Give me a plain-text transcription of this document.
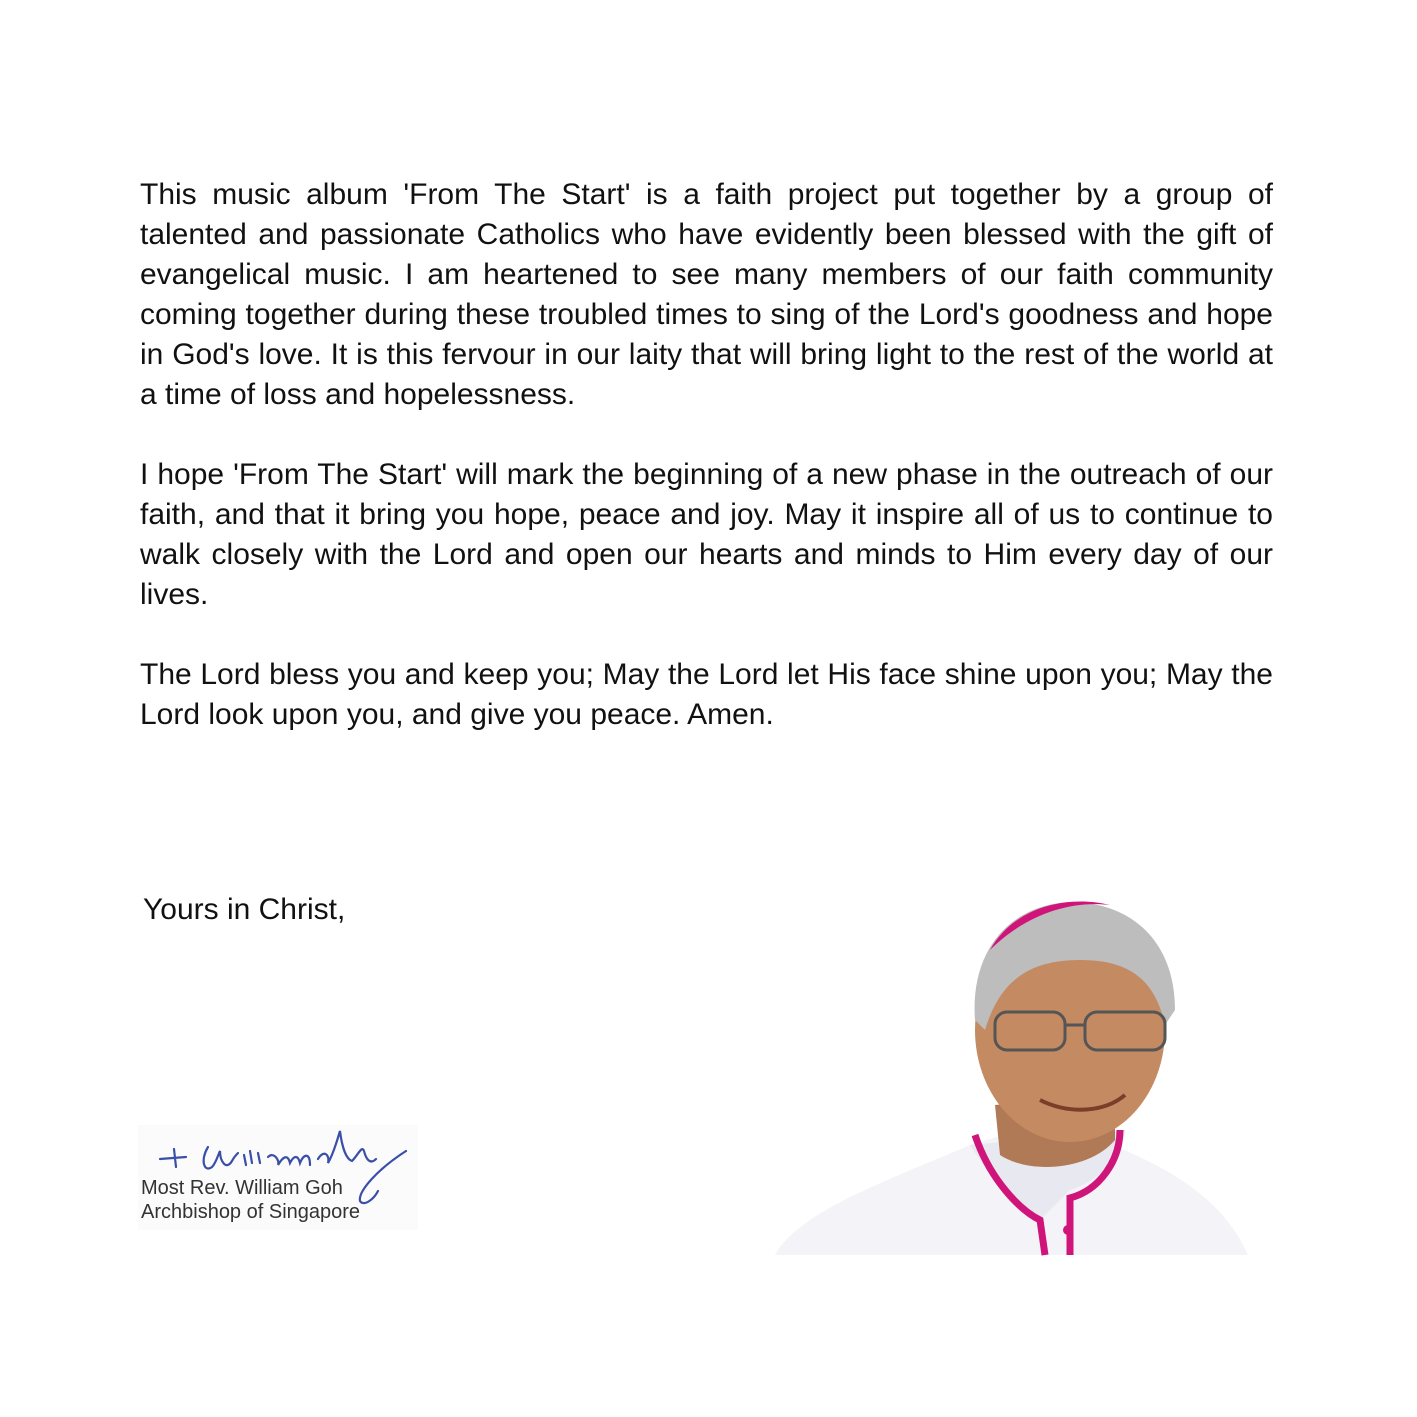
This music album 'From The Start' is a faith project put together by a group of talented and passionate Catholics who have evidently been blessed with the gift of evangelical music. I am heartened to see many members of our faith community coming together during these troubled times to sing of the Lord's goodness and hope in God's love. It is this fervour in our laity that will bring light to the rest of the world at a time of loss and hopelessness.

I hope 'From The Start' will mark the beginning of a new phase in the outreach of our faith, and that it bring you hope, peace and joy. May it inspire all of us to continue to walk closely with the Lord and open our hearts and minds to Him every day of our lives.

The Lord bless you and keep you; May the Lord let His face shine upon you; May the Lord look upon you, and give you peace. Amen.

Yours in Christ,
Most Rev. William Goh
Archbishop of Singapore
